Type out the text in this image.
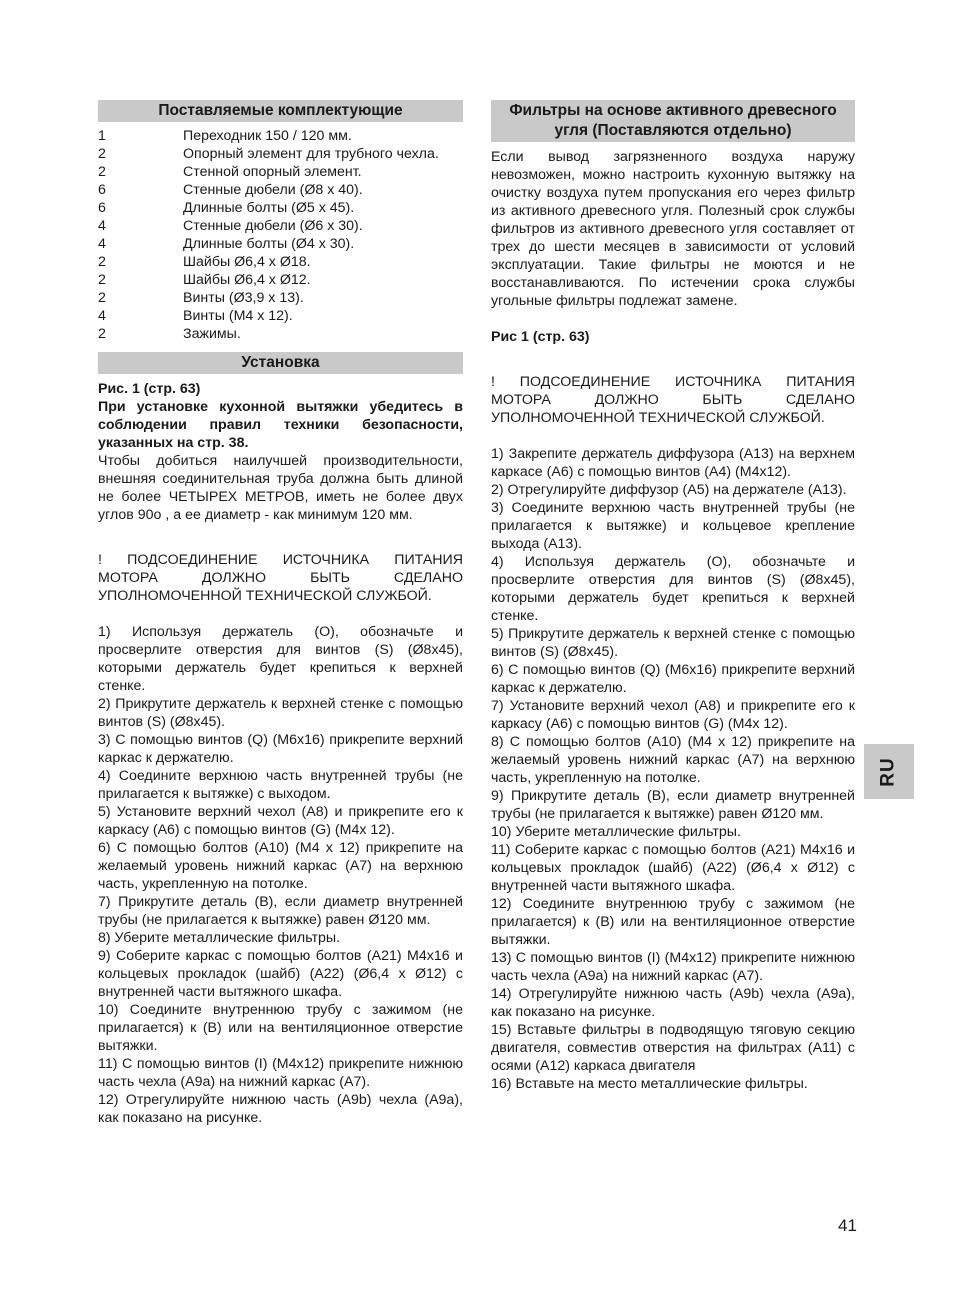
Поставляемые комплектующие
1	Переходник 150 / 120 мм.
2	Опорный элемент для трубного чехла.
2	Стенной опорный элемент.
6	Стенные дюбели (Ø8 x 40).
6	Длинные болты (Ø5 x 45).
4	Стенные дюбели (Ø6 x 30).
4	Длинные болты (Ø4 x 30).
2	Шайбы Ø6,4 x Ø18.
2	Шайбы Ø6,4 x Ø12.
2	Винты (Ø3,9 x 13).
4	Винты (M4 x 12).
2	Зажимы.
Установка

Рис. 1 (стр. 63)

При установке кухонной вытяжки убедитесь в соблюдении правил техники безопасности, указанных на стр. 38.

Чтобы добиться наилучшей производительности, внешняя соединительная труба должна быть длиной не более ЧЕТЫРЕХ МЕТРОВ, иметь не более двух углов 90o , а ее диаметр - как минимум 120 мм.

! ПОДСОЕДИНЕНИЕ ИСТОЧНИКА ПИТАНИЯ МОТОРА ДОЛЖНО БЫТЬ СДЕЛАНО УПОЛНОМОЧЕННОЙ ТЕХНИЧЕСКОЙ СЛУЖБОЙ.

1) Используя держатель (O), обозначьте и просверлите отверстия для винтов (S) (Ø8x45), которыми держатель будет крепиться к верхней стенке.

2) Прикрутите держатель к верхней стенке с помощью винтов (S) (Ø8x45).

3) С помощью винтов (Q) (M6x16) прикрепите верхний каркас к держателю.

4) Соедините верхнюю часть внутренней трубы (не прилагается к вытяжке) с выходом.

5) Установите верхний чехол (A8) и прикрепите его к каркасу (A6) с помощью винтов (G) (M4x 12).

6) С помощью болтов (A10) (M4 x 12) прикрепите на желаемый уровень нижний каркас (A7) на верхнюю часть, укрепленную на потолке.

7) Прикрутите деталь (B), если диаметр внутренней трубы (не прилагается к вытяжке) равен Ø120 мм.

8) Уберите металлические фильтры.

9) Соберите каркас с помощью болтов (A21) M4x16 и кольцевых прокладок (шайб) (A22) (Ø6,4 x Ø12) с внутренней части вытяжного шкафа.

10) Соедините внутреннюю трубу с зажимом (не прилагается) к (B) или на вентиляционное отверстие вытяжки.

11) С помощью винтов (I) (M4x12) прикрепите нижнюю часть чехла (A9a) на нижний каркас (A7).

12) Отрегулируйте нижнюю часть (A9b) чехла (A9a), как показано на рисунке.

Фильтры на основе активного древесного угля (Поставляются отдельно)

Если вывод загрязненного воздуха наружу невозможен, можно настроить кухонную вытяжку на очистку воздуха путем пропускания его через фильтр из активного древесного угля. Полезный срок службы фильтров из активного древесного угля составляет от трех до шести месяцев в зависимости от условий эксплуатации. Такие фильтры не моются и не восстанавливаются. По истечении срока службы угольные фильтры подлежат замене.

Рис 1 (стр. 63)

! ПОДСОЕДИНЕНИЕ ИСТОЧНИКА ПИТАНИЯ МОТОРА ДОЛЖНО БЫТЬ СДЕЛАНО УПОЛНОМОЧЕННОЙ ТЕХНИЧЕСКОЙ СЛУЖБОЙ.

1) Закрепите держатель диффузора (A13) на верхнем каркасе (A6) с помощью винтов (A4) (M4x12).

2) Отрегулируйте диффузор (A5) на держателе (A13).

3) Соедините верхнюю часть внутренней трубы (не прилагается к вытяжке) и кольцевое крепление выхода (A13).

4) Используя держатель (O), обозначьте и просверлите отверстия для винтов (S) (Ø8x45), которыми держатель будет крепиться к верхней стенке.

5) Прикрутите держатель к верхней стенке с помощью винтов (S) (Ø8x45).

6) С помощью винтов (Q) (M6x16) прикрепите верхний каркас к держателю.

7) Установите верхний чехол (A8) и прикрепите его к каркасу (A6) с помощью винтов (G) (M4x 12).

8) С помощью болтов (A10) (M4 x 12) прикрепите на желаемый уровень нижний каркас (A7) на верхнюю часть, укрепленную на потолке.

9) Прикрутите деталь (B), если диаметр внутренней трубы (не прилагается к вытяжке) равен Ø120 мм.

10) Уберите металлические фильтры.

11) Соберите каркас с помощью болтов (A21) M4x16 и кольцевых прокладок (шайб) (A22) (Ø6,4 x Ø12) с внутренней части вытяжного шкафа.

12) Соедините внутреннюю трубу с зажимом (не прилагается) к (B) или на вентиляционное отверстие вытяжки.

13) С помощью винтов (I) (M4x12) прикрепите нижнюю часть чехла (A9a) на нижний каркас (A7).

14) Отрегулируйте нижнюю часть (A9b) чехла (A9a), как показано на рисунке.

15) Вставьте фильтры в подводящую тяговую секцию двигателя, совместив отверстия на фильтрах (A11) с осями (A12) каркаса двигателя

16) Вставьте на место металлические фильтры.

RU
41
